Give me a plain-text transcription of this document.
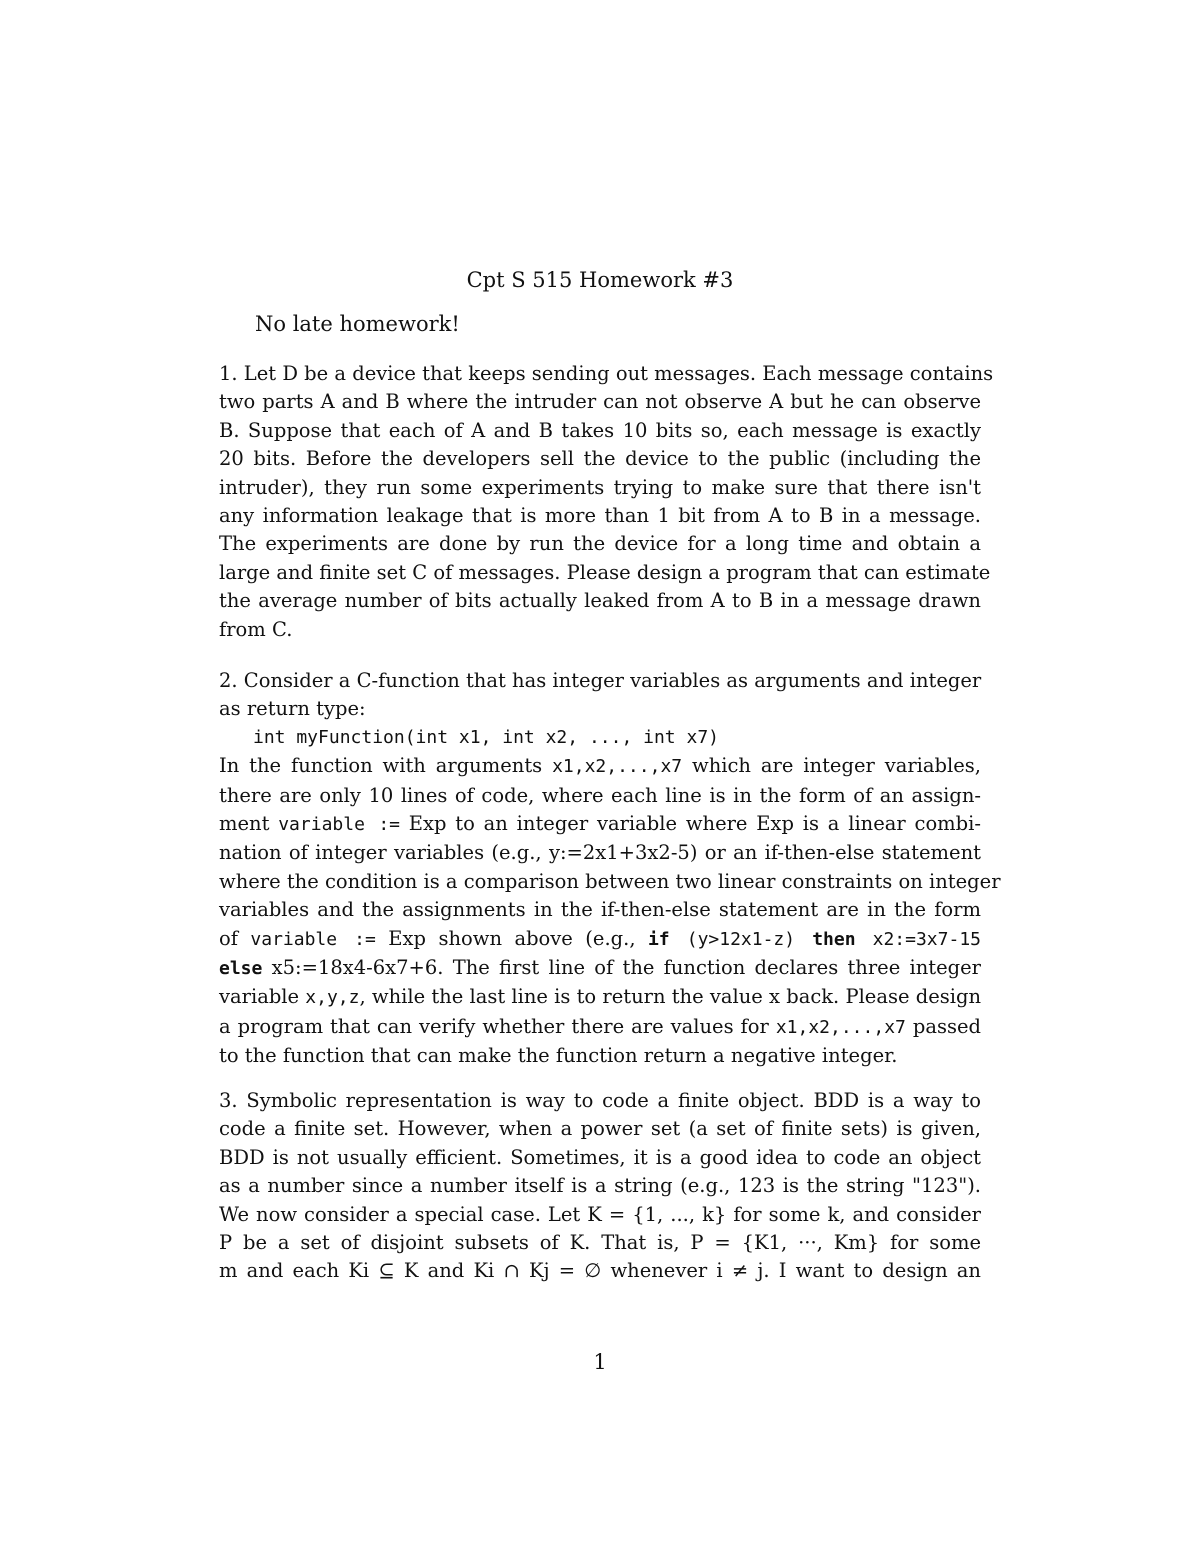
Cpt S 515 Homework #3
No late homework!
1. Let D be a device that keeps sending out messages. Each message contains
two parts A and B where the intruder can not observe A but he can observe
B. Suppose that each of A and B takes 10 bits so, each message is exactly
20 bits. Before the developers sell the device to the public (including the
intruder), they run some experiments trying to make sure that there isn't
any information leakage that is more than 1 bit from A to B in a message.
The experiments are done by run the device for a long time and obtain a
large and finite set C of messages. Please design a program that can estimate
the average number of bits actually leaked from A to B in a message drawn
from C.
2. Consider a C-function that has integer variables as arguments and integer
as return type:
int myFunction(int x1, int x2, ..., int x7)
In the function with arguments x1,x2,...,x7 which are integer variables,
there are only 10 lines of code, where each line is in the form of an assign-
ment variable := Exp to an integer variable where Exp is a linear combi-
nation of integer variables (e.g., y:=2x1+3x2-5) or an if-then-else statement
where the condition is a comparison between two linear constraints on integer
variables and the assignments in the if-then-else statement are in the form
of variable := Exp shown above (e.g., if (y>12x1-z) then x2:=3x7-15
else x5:=18x4-6x7+6. The first line of the function declares three integer
variable x,y,z, while the last line is to return the value x back. Please design
a program that can verify whether there are values for x1,x2,...,x7 passed
to the function that can make the function return a negative integer.
3. Symbolic representation is way to code a finite object. BDD is a way to
code a finite set. However, when a power set (a set of finite sets) is given,
BDD is not usually efficient. Sometimes, it is a good idea to code an object
as a number since a number itself is a string (e.g., 123 is the string "123").
We now consider a special case. Let K = {1, ..., k} for some k, and consider
P be a set of disjoint subsets of K. That is, P = {K1, ···, Km} for some
m and each Ki ⊆ K and Ki ∩ Kj = ∅ whenever i ≠ j. I want to design an
1
